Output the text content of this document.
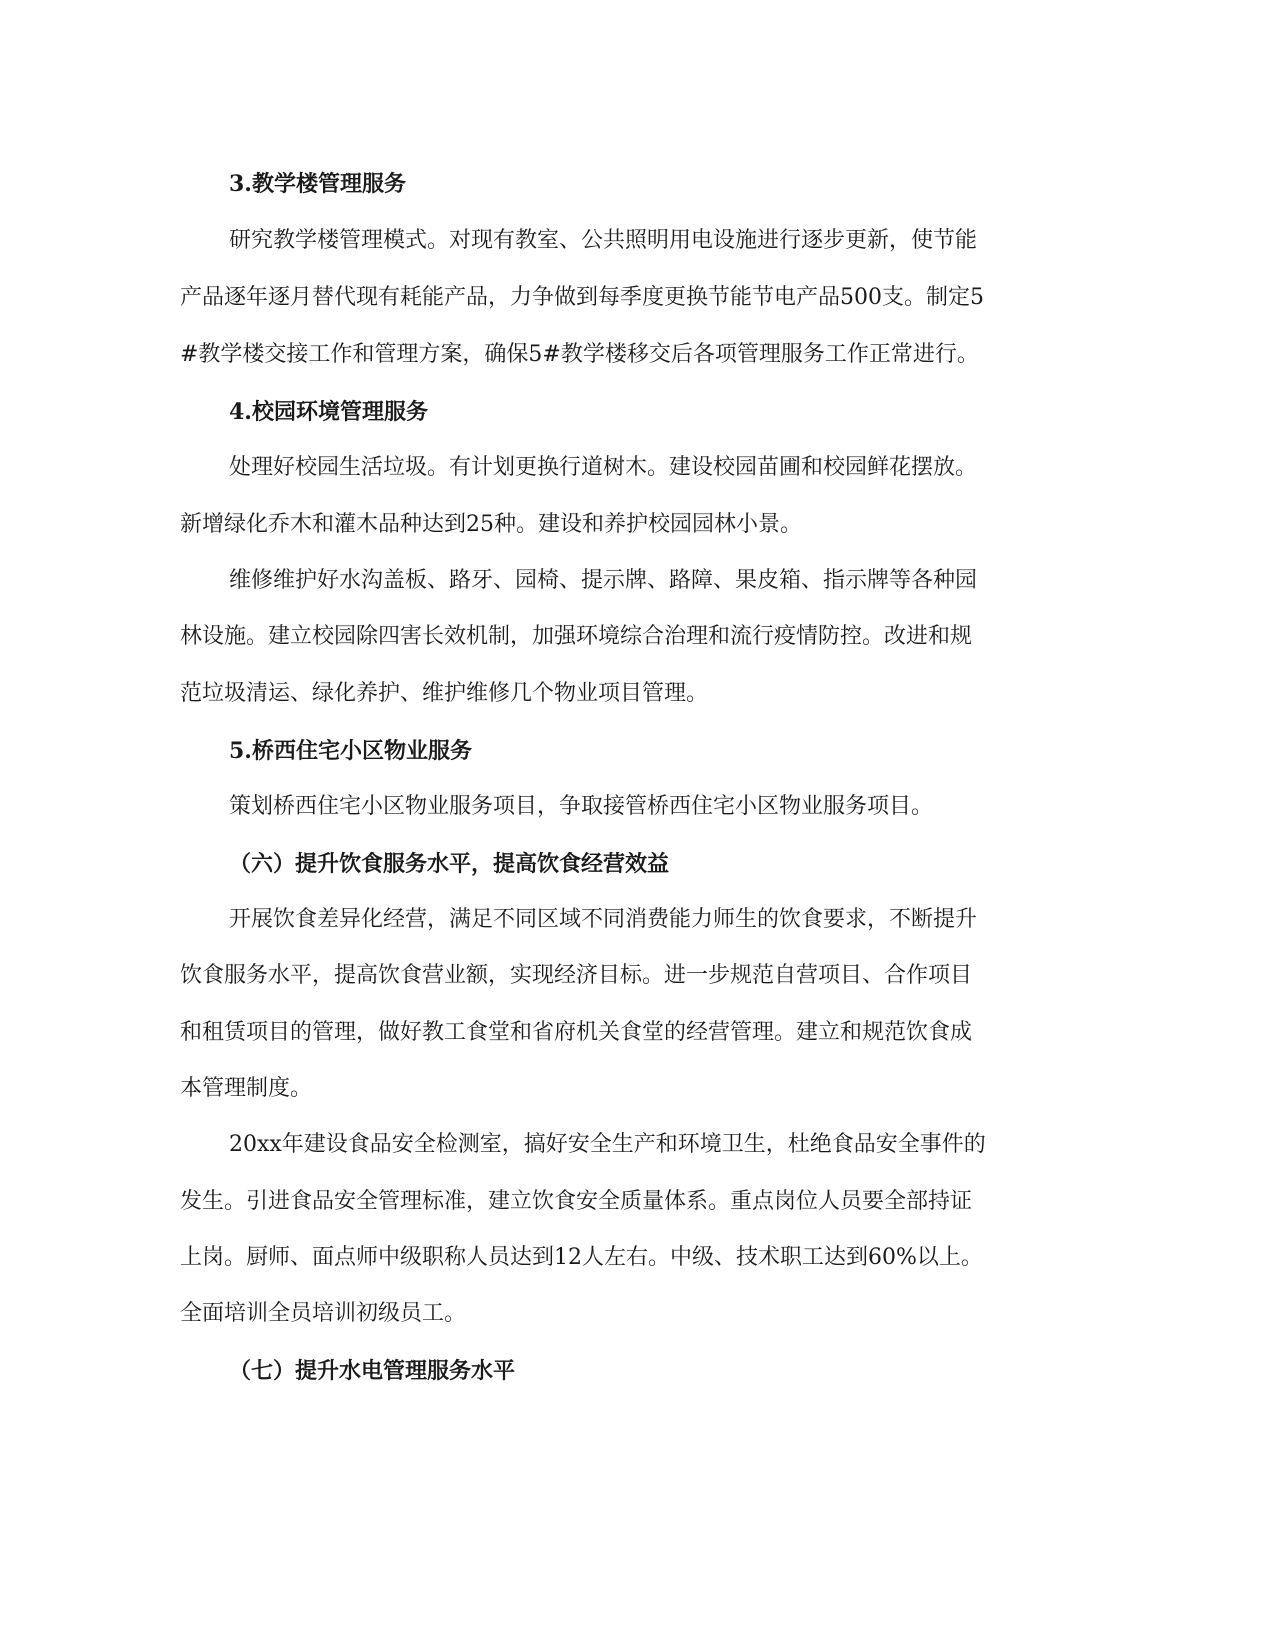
3.教学楼管理服务
研究教学楼管理模式。对现有教室、公共照明用电设施进行逐步更新，使节能
产品逐年逐月替代现有耗能产品，力争做到每季度更换节能节电产品500支。制定5
#教学楼交接工作和管理方案，确保5#教学楼移交后各项管理服务工作正常进行。
4.校园环境管理服务
处理好校园生活垃圾。有计划更换行道树木。建设校园苗圃和校园鲜花摆放。
新增绿化乔木和灌木品种达到25种。建设和养护校园园林小景。
维修维护好水沟盖板、路牙、园椅、提示牌、路障、果皮箱、指示牌等各种园
林设施。建立校园除四害长效机制，加强环境综合治理和流行疫情防控。改进和规
范垃圾清运、绿化养护、维护维修几个物业项目管理。
5.桥西住宅小区物业服务
策划桥西住宅小区物业服务项目，争取接管桥西住宅小区物业服务项目。
（六）提升饮食服务水平，提高饮食经营效益
开展饮食差异化经营，满足不同区域不同消费能力师生的饮食要求，不断提升
饮食服务水平，提高饮食营业额，实现经济目标。进一步规范自营项目、合作项目
和租赁项目的管理，做好教工食堂和省府机关食堂的经营管理。建立和规范饮食成
本管理制度。
20xx年建设食品安全检测室，搞好安全生产和环境卫生，杜绝食品安全事件的
发生。引进食品安全管理标准，建立饮食安全质量体系。重点岗位人员要全部持证
上岗。厨师、面点师中级职称人员达到12人左右。中级、技术职工达到60%以上。
全面培训全员培训初级员工。
（七）提升水电管理服务水平
